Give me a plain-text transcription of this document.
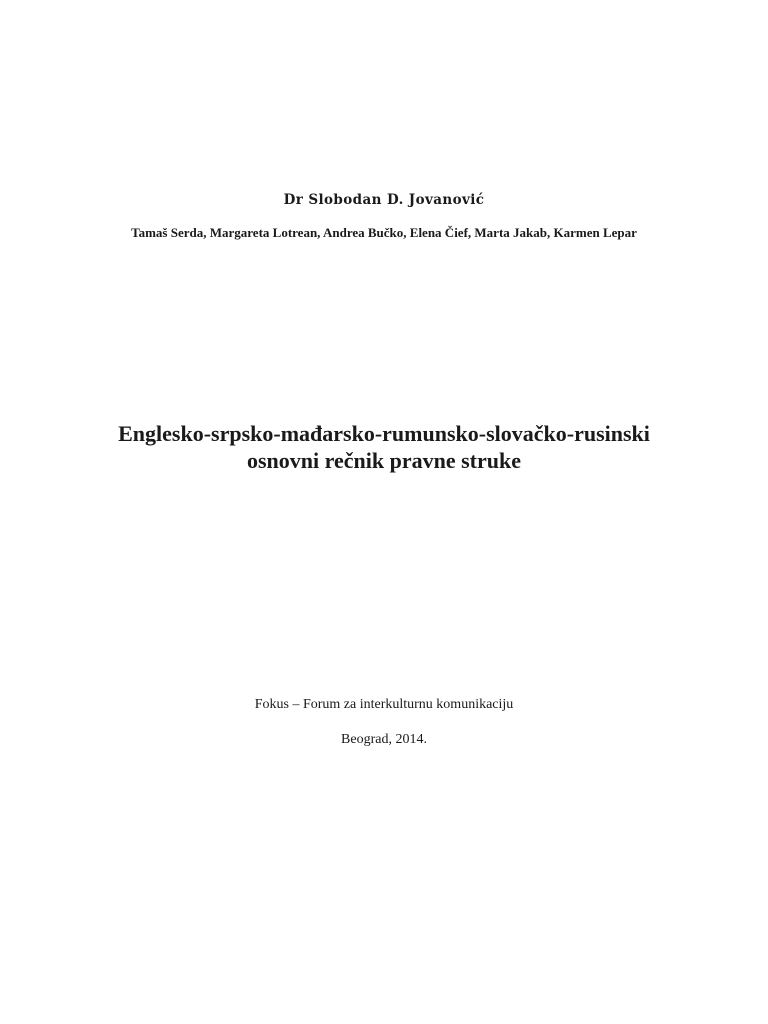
Dr Slobodan D. Jovanović
Tamaš Serda, Margareta Lotrean, Andrea Bučko, Elena Čief, Marta Jakab, Karmen Lepar
Englesko-srpsko-mađarsko-rumunsko-slovačko-rusinski
osnovni rečnik pravne struke
Fokus – Forum za interkulturnu komunikaciju
Beograd, 2014.
